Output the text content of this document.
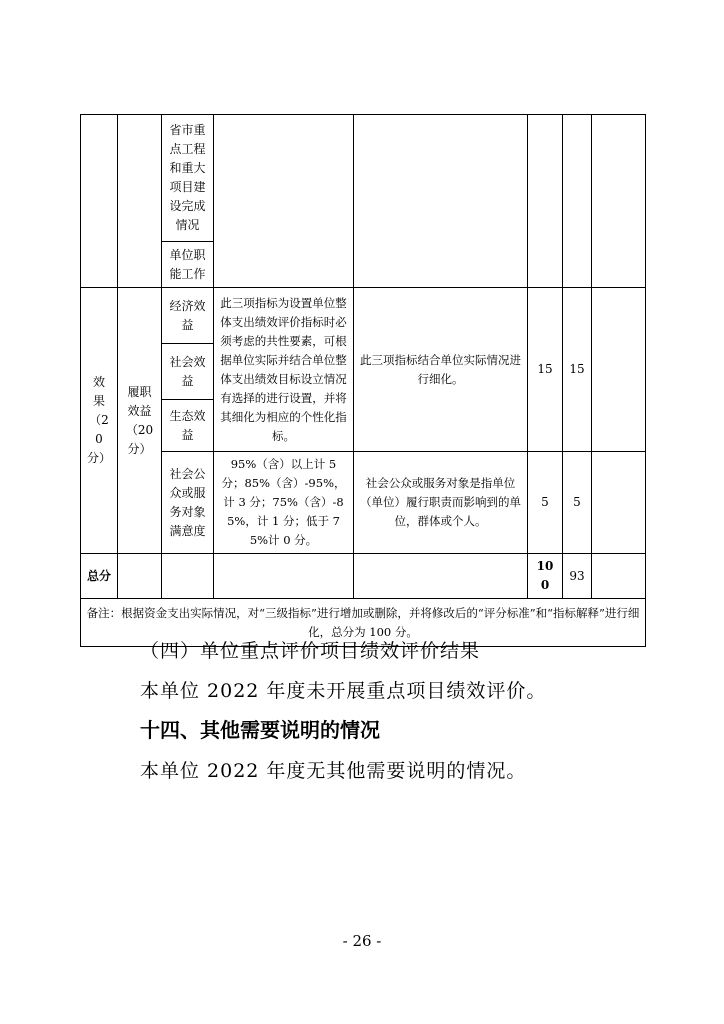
		省市重点工程和重大项目建设完成情况					
		单位职能工作					
效 果（20 分）	履职效益（20 分）	经济效益	此三项指标为设置单位整体支出绩效评价指标时必须考虑的共性要素，可根据单位实际并结合单位整体支出绩效目标设立情况有选择的进行设置，并将其细化为相应的个性化指标。	此三项指标结合单位实际情况进行细化。	15	15	
		社会效益					
		生态效益					
		社会公众或服务对象满意度	95%（含）以上计 5 分；85%（含）-95%，计 3 分；75%（含）-85%，计 1 分；低于 75%计 0 分。	社会公众或服务对象是指单位（单位）履行职责而影响到的单位，群体或个人。	5	5	
总分					100	93	
备注：根据资金支出实际情况，对“三级指标”进行增加或删除，并将修改后的“评分标准”和“指标解释”进行细化，总分为 100 分。							
（四）单位重点评价项目绩效评价结果
本单位 2022 年度未开展重点项目绩效评价。
十四、其他需要说明的情况
本单位 2022 年度无其他需要说明的情况。
- 26 -
